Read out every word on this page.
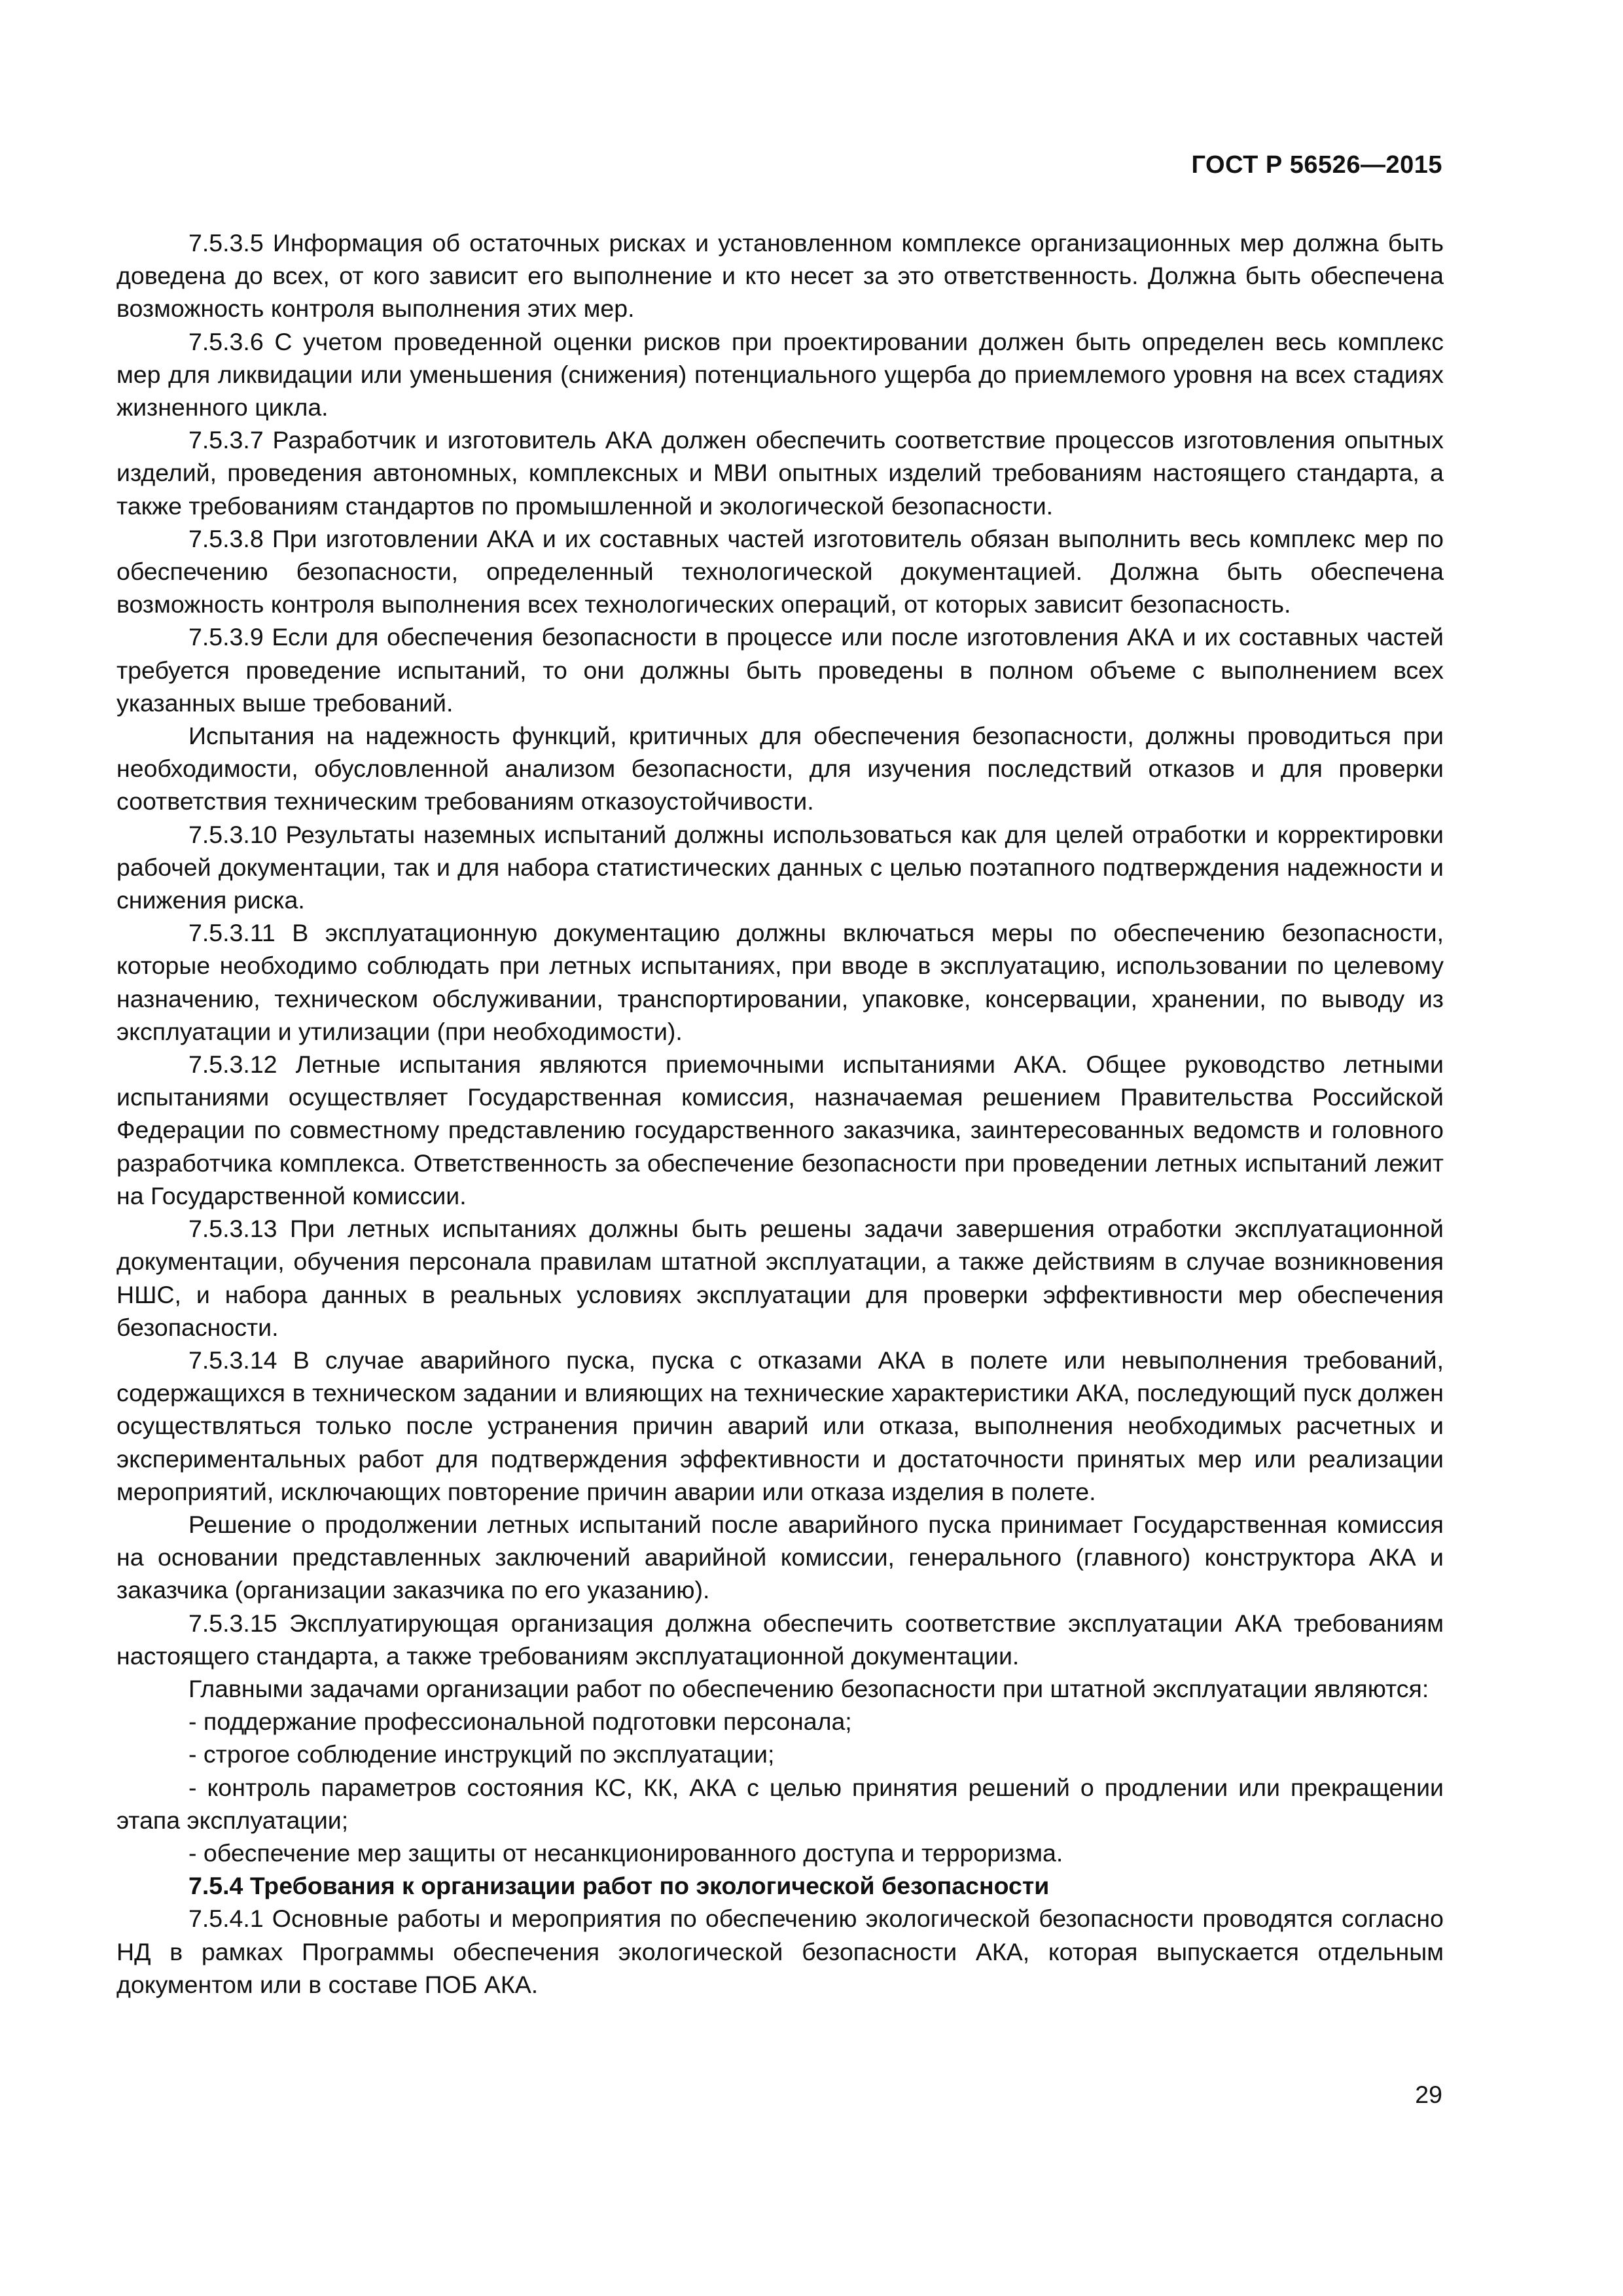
ГОСТ Р 56526—2015

7.5.3.5 Информация об остаточных рисках и установленном комплексе организационных мер должна быть доведена до всех, от кого зависит его выполнение и кто несет за это ответственность. Должна быть обеспечена возможность контроля выполнения этих мер.

7.5.3.6 С учетом проведенной оценки рисков при проектировании должен быть определен весь комплекс мер для ликвидации или уменьшения (снижения) потенциального ущерба до приемлемого уровня на всех стадиях жизненного цикла.

7.5.3.7 Разработчик и изготовитель АКА должен обеспечить соответствие процессов изготовления опытных изделий, проведения автономных, комплексных и МВИ опытных изделий требованиям настоящего стандарта, а также требованиям стандартов по промышленной и экологической безопасности.

7.5.3.8 При изготовлении АКА и их составных частей изготовитель обязан выполнить весь комплекс мер по обеспечению безопасности, определенный технологической документацией. Должна быть обеспечена возможность контроля выполнения всех технологических операций, от которых зависит безопасность.

7.5.3.9 Если для обеспечения безопасности в процессе или после изготовления АКА и их составных частей требуется проведение испытаний, то они должны быть проведены в полном объеме с выполнением всех указанных выше требований.

Испытания на надежность функций, критичных для обеспечения безопасности, должны проводиться при необходимости, обусловленной анализом безопасности, для изучения последствий отказов и для проверки соответствия техническим требованиям отказоустойчивости.

7.5.3.10 Результаты наземных испытаний должны использоваться как для целей отработки и корректировки рабочей документации, так и для набора статистических данных с целью поэтапного подтверждения надежности и снижения риска.

7.5.3.11 В эксплуатационную документацию должны включаться меры по обеспечению безопасности, которые необходимо соблюдать при летных испытаниях, при вводе в эксплуатацию, использовании по целевому назначению, техническом обслуживании, транспортировании, упаковке, консервации, хранении, по выводу из эксплуатации и утилизации (при необходимости).

7.5.3.12 Летные испытания являются приемочными испытаниями АКА. Общее руководство летными испытаниями осуществляет Государственная комиссия, назначаемая решением Правительства Российской Федерации по совместному представлению государственного заказчика, заинтересованных ведомств и головного разработчика комплекса. Ответственность за обеспечение безопасности при проведении летных испытаний лежит на Государственной комиссии.

7.5.3.13 При летных испытаниях должны быть решены задачи завершения отработки эксплуатационной документации, обучения персонала правилам штатной эксплуатации, а также действиям в случае возникновения НШС, и набора данных в реальных условиях эксплуатации для проверки эффективности мер обеспечения безопасности.

7.5.3.14 В случае аварийного пуска, пуска с отказами АКА в полете или невыполнения требований, содержащихся в техническом задании и влияющих на технические характеристики АКА, последующий пуск должен осуществляться только после устранения причин аварий или отказа, выполнения необходимых расчетных и экспериментальных работ для подтверждения эффективности и достаточности принятых мер или реализации мероприятий, исключающих повторение причин аварии или отказа изделия в полете.

Решение о продолжении летных испытаний после аварийного пуска принимает Государственная комиссия на основании представленных заключений аварийной комиссии, генерального (главного) конструктора АКА и заказчика (организации заказчика по его указанию).

7.5.3.15 Эксплуатирующая организация должна обеспечить соответствие эксплуатации АКА требованиям настоящего стандарта, а также требованиям эксплуатационной документации.

Главными задачами организации работ по обеспечению безопасности при штатной эксплуатации являются:

- поддержание профессиональной подготовки персонала;
- строгое соблюдение инструкций по эксплуатации;
- контроль параметров состояния КС, КК, АКА с целью принятия решений о продлении или прекращении этапа эксплуатации;
- обеспечение мер защиты от несанкционированного доступа и терроризма.

7.5.4 Требования к организации работ по экологической безопасности

7.5.4.1 Основные работы и мероприятия по обеспечению экологической безопасности проводятся согласно НД в рамках Программы обеспечения экологической безопасности АКА, которая выпускается отдельным документом или в составе ПОБ АКА.

29
